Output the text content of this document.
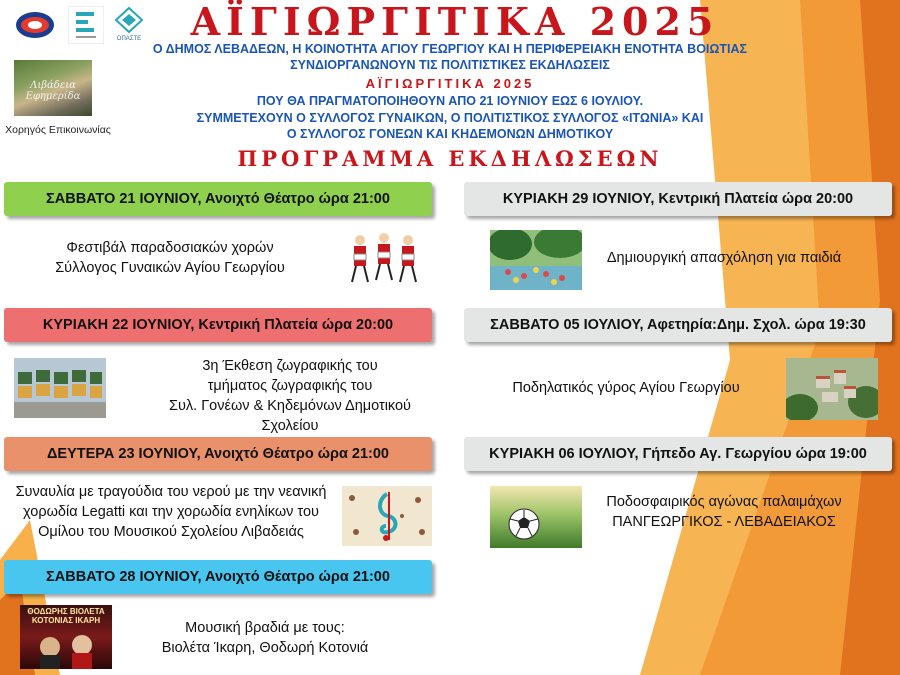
ΟΠΑΣΤΕ
Λιβάδεια Εφημερίδα
Χορηγός Επικοινωνίας
ΑΪΓΙΩΡΓΙΤΙΚΑ 2025
Ο ΔΗΜΟΣ ΛΕΒΑΔΕΩΝ, Η ΚΟΙΝΟΤΗΤΑ ΑΓΙΟΥ ΓΕΩΡΓΙΟΥ ΚΑΙ Η ΠΕΡΙΦΕΡΕΙΑΚΗ ΕΝΟΤΗΤΑ ΒΟΙΩΤΙΑΣ
ΣΥΝΔΙΟΡΓΑΝΩΝΟΥΝ ΤΙΣ ΠΟΛΙΤΙΣΤΙΚΕΣ ΕΚΔΗΛΩΣΕΙΣ
ΑΪΓΙΩΡΓΙΤΙΚΑ 2025
ΠΟΥ ΘΑ ΠΡΑΓΜΑΤΟΠΟΙΗΘΟΥΝ ΑΠΟ 21 ΙΟΥΝΙΟΥ ΕΩΣ 6 ΙΟΥΛΙΟΥ.
ΣΥΜΜΕΤΕΧΟΥΝ Ο ΣΥΛΛΟΓΟΣ ΓΥΝΑΙΚΩΝ, Ο ΠΟΛΙΤΙΣΤΙΚΟΣ ΣΥΛΛΟΓΟΣ «ΙΤΩΝΙΑ» ΚΑΙ
Ο ΣΥΛΛΟΓΟΣ ΓΟΝΕΩΝ ΚΑΙ ΚΗΔΕΜΟΝΩΝ ΔΗΜΟΤΙΚΟΥ
ΠΡΟΓΡΑΜΜΑ ΕΚΔΗΛΩΣΕΩΝ
ΣΑΒΒΑΤΟ 21 ΙΟΥΝΙΟΥ, Ανοιχτό Θέατρο ώρα 21:00
Φεστιβάλ παραδοσιακών χορών
Σύλλογος Γυναικών Αγίου Γεωργίου
ΚΥΡΙΑΚΗ 22 ΙΟΥΝΙΟΥ, Κεντρική Πλατεία ώρα 20:00
3η Έκθεση ζωγραφικής του
τμήματος ζωγραφικής του
Συλ. Γονέων & Κηδεμόνων Δημοτικού Σχολείου
ΔΕΥΤΕΡΑ 23 ΙΟΥΝΙΟΥ, Ανοιχτό Θέατρο ώρα 21:00
Συναυλία με τραγούδια του νερού με την νεανική
χορωδία Legatti και την χορωδία ενηλίκων του
Ομίλου του Μουσικού Σχολείου Λιβαδειάς
ΣΑΒΒΑΤΟ 28 ΙΟΥΝΙΟΥ, Ανοιχτό Θέατρο ώρα 21:00
ΘΟΔΩΡΗΣ ΒΙΟΛΕΤΑ ΚΟΤΟΝΙΑΣ ΙΚΑΡΗ	Μουσική βραδιά με τους:
Βιολέτα Ίκαρη, Θοδωρή Κοτονιά
ΚΥΡΙΑΚΗ 29 ΙΟΥΝΙΟΥ, Κεντρική Πλατεία ώρα 20:00
Δημιουργική απασχόληση για παιδιά
ΣΑΒΒΑΤΟ 05 ΙΟΥΛΙΟΥ, Αφετηρία:Δημ. Σχολ. ώρα 19:30
Ποδηλατικός γύρος Αγίου Γεωργίου
ΚΥΡΙΑΚΗ 06 ΙΟΥΛΙΟΥ, Γήπεδο Αγ. Γεωργίου ώρα 19:00
Ποδοσφαιρικός αγώνας παλαιμάχων
ΠΑΝΓΕΩΡΓΙΚΟΣ - ΛΕΒΑΔΕΙΑΚΟΣ
